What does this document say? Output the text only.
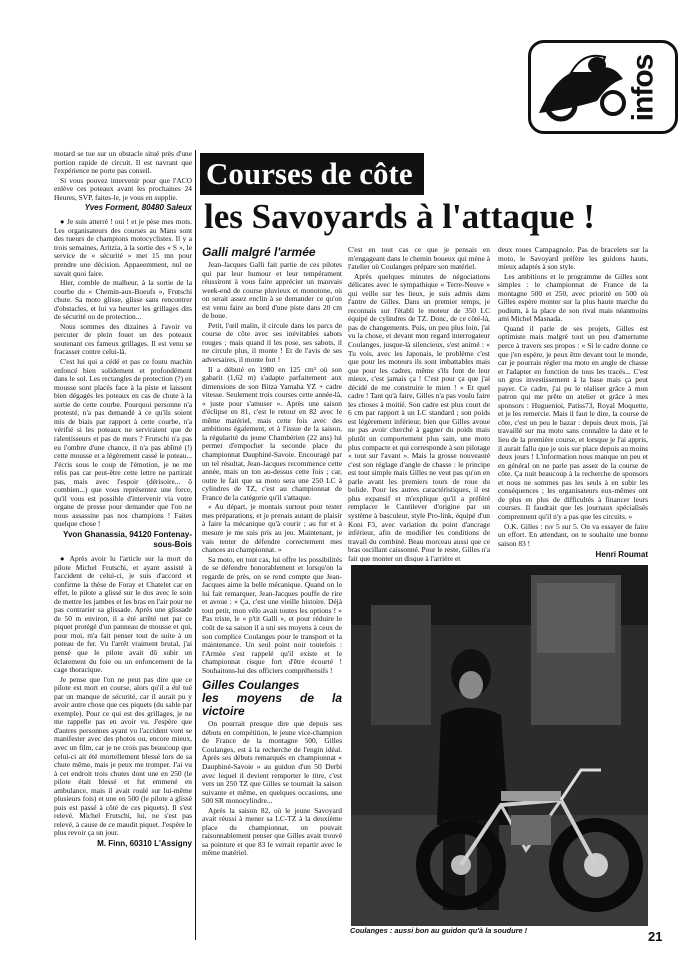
infos

motard se tue sur un obstacle situé près d'une portion rapide de circuit. Il est navrant que l'expérience ne porte pas conseil.

Si vous pouvez intervenir pour que l'ACO enlève ces poteaux avant les prochaines 24 Heures, SVP, faites-le, je vous en supplie.

Yves Forment, 80480 Saleux

● Je suis atterré ! oui ! et je pèse mes mots. Les organisateurs des courses au Mans sont des tueurs de champions motocyclistes. Il y a trois semaines, Aritzia, à la sortie des « S », le service de « sécurité » met 15 mn pour prendre une décision. Appaeemment, nul ne savait quoi faire.

Hier, comble de malheur, à la sortie de la courbe du « Chemin-aux-Boeufs », Frutschi chute. Sa moto glisse, glisse sans rencontrer d'obstacles, et lui va heurter les grillages dits de sécurité ou de protection...

Nous sommes des dizaines à l'avoir vu percuter de plein fouet un des poteaux soutenant ces fameux grillages. Il est venu se fracasser contre celui-là.

C'est lui qui a cédé et pas ce foutu machin enfoncé bien solidement et profondément dans le sol. Les rectangles de protection (?) en mousse sont placés face à la piste et laissent bien dégagés les poteaux en cas de chute à la sortie de cette courbe. Pourquoi personne n'a protesté, n'a pas demandé à ce qu'ils soient mis de biais par rapport à cette courbe, n'a vérifié si les poteaux ne serviraient que de ralentisseurs et pas de murs ? Frutschi n'a pas eu l'ombre d'une chance, il n'a pas abîmé (!) cette mousse et a légèrement cassé le poteau... J'écris sous le coup de l'émotion, je ne me relis pas car peut-être cette lettre ne partirait pas, mais avec l'espoir (dérisoire... ô combien...) que vous représentez une force, qu'il vous est possible d'intervenir via votre organe de presse pour demander que l'on ne nous assassine pas nos champions ! Faites quelque chose !

Yvon Ghanassia, 94120 Fontenay-sous-Bois

● Après avoir lu l'article sur la mort du pilote Michel Frutschi, et ayant assisté à l'accident de celui-ci, je suis d'accord et confirme la thèse de Foray et Chatelet car en effet, le pilote a glissé sur le dos avec le soin de mettre les jambes et les bras en l'air pour ne pas contrarier sa glissade. Après une glissade de 50 m environ, il a été arrêté net par ce piquet protégé d'un panneau de mousse et qui, pour moi, m'a fait penser tout de suite à un poteau de fer. Vu l'arrêt vraiment brutal, j'ai pensé que le pilote avait dû subir un éclatement du foie ou un enfoncement de la cage thoracique.

Je pense que l'on ne peut pas dire que ce pilote est mort en course, alors qu'il a été tué par un manque de sécurité, car il aurait pu y avoir autre chose que ces piquets (du sable par exemple). Pour ce qui est des grillages, je ne me rappelle pas en avoir vu. J'espère que d'autres personnes ayant vu l'accident vont se manifester avec des photos ou, encore mieux, avec un film, car je ne crois pas beaucoup que celui-ci ait été mortellement blessé lors de sa chute même, mais je peux me tromper. J'ai vu à cet endroit trois chutes dont une en 250 (le pilote était blessé et fut emmené en ambulance, mais il avait roulé sur lui-même plusieurs fois) et une en 500 (le pilote a glissé puis est passé à côté de ces piquets). Il s'est relevé. Michel Frutschi, lui, ne s'est pas relevé, à cause de ce maudit piquet. J'espère le plus revoir ça un jour.

M. Finn, 60310 L'Assigny
Courses de côte
les Savoyards à l'attaque !
Galli malgré l'armée

Jean-Jacques Galli fait partie de ces pilotes qui par leur humour et leur tempérament réussiront à vous faire apprécier un mauvais week-end de course pluvieux et monotone, où on serait assez enclin à se demander ce qu'on est venu faire au bord d'une piste dans 20 cm de boue.

Petit, l'œil malin, il circule dans les parcs de course de côte avec ses inévitables sabots rouges ; mais quand il les pose, ses sabots, il ne circule plus, il monte ! Et de l'avis de ses adversaires, il monte fort !

Il a débuté en 1980 en 125 cm³ où son gabarit (1,62 m) s'adapte parfaitement aux dimensions de son Bitza Yamaha YZ + cadre vitesse. Seulement trois courses cette année-là, « juste pour s'amuser ». Après une saison d'éclipse en 81, c'est le retour en 82 avec le même matériel, mais cette fois avec des ambitions également, et à l'issue de la saison, la régularité du jeune Chambérien (22 ans) lui permet d'empocher la seconde place du championnat Dauphiné-Savoie. Encouragé par un tel résultat, Jean-Jacques recommence cette année, mais un ton au-dessus cette fois ; car, outre le fait que sa moto sera une 250 LC à cylindres de TZ, c'est au championnat de France de la catégorie qu'il s'attaque.

« Au départ, je montais surtout pour tester mes préparations, et je prenais autant de plaisir à faire la mécanique qu'à courir ; au fur et à mesure je me suis pris au jeu. Maintenant, je vais tenter de défendre correctement mes chances au championnat. »

Sa moto, en tout cas, lui offre les possibilités de se défendre honorablement et lorsqu'on la regarde de près, on se rend compte que Jean-Jacques aime la belle mécanique. Quand on le lui fait remarquer, Jean-Jacques pouffe de rire et avoue : « Ça, c'est une vieille histoire. Déjà tout petit, mon vélo avait toutes les options ! » Pas triste, le « p'tit Galli », et pour réduire le coût de sa saison il a uni ses moyens à ceux de son complice Coulanges pour le transport et la maintenance. Un seul point noir toutefois : l'Armée s'est rappelé qu'il existe et le championnat risque fort d'être écourté ! Souhaitons-lui des officiers compréhensifs !

Gilles Coulanges
les moyens de la victoire

On pourrait presque dire que depuis ses débuts en compétition, le jeune vice-champion de France de la montagne 500, Gilles Coulanges, est à la recherche de l'engin idéal. Après ses débuts remarqués en championnat « Dauphiné-Savoie » au guidon d'un 50 Derbi avec lequel il devient remporter le titre, c'est vers un 250 TZ que Gilles se tournait la saison suivante et même, en quelques occasions, une 500 SR monocylindre...

Après la saison 82, où le jeune Savoyard avait réussi à mener sa LC-TZ à la deuxième place du championnat, on pouvait raisonnablement penser que Gilles avait trouvé sa pointure et que 83 le verrait repartir avec le même matériel.

C'est en tout cas ce que je pensais en m'engageant dans le chemin boueux qui mène à l'atelier où Coulanges prépare son matériel.

Après quelques minutes de négociations délicates avec le sympathique « Terre-Neuve » qui veille sur les lieux, je suis admis dans l'antre de Gilles. Dans un premier temps, je reconnais sur l'établi le moteur de 350 LC équipé de cylindres de TZ. Donc, de ce côté-là, pas de changements. Puis, un peu plus loin, j'ai vu la chose, et devant mon regard interrogateur Coulanges, jusque-là silencieux, s'est animé : « Tu vois, avec les Japonais, le problème c'est que pour les moteurs ils sont imbattables mais que pour les cadres, même s'ils font de leur mieux, c'est jamais ça ! C'est pour ça que j'ai décidé de me construire le mien ! » Et quel cadre ! Tant qu'à faire, Gilles n'a pas voulu faire les choses à moitié. Son cadre est plus court de 6 cm par rapport à un LC standard ; son poids est légèrement inférieur, bien que Gilles avoue ne pas avoir cherché à gagner du poids mais plutôt un comportement plus sain, une moto plus compacte et qui corresponde à son pilotage « tout sur l'avant ». Mais la grosse nouveauté c'est son réglage d'angle de chasse : le principe est tout simple mais Gilles ne veut pas qu'on en parle avant les premiers tours de roue du bolide. Pour les autres caractéristiques, il est plus expansif et m'explique qu'il a préféré remplacer le Cantilever d'origine par un système à basculeur, style Pro-link, équipé d'un Koni F3, avec variation du point d'ancrage inférieur, afin de modifier les conditions de travail du combiné. Beau morceau aussi que ce bras oscillant caissonné. Pour le reste, Gilles n'a fait que monter un disque à l'arrière et

deux roues Campagnolo. Pas de bracelets sur la moto, le Savoyard préfère les guidons hauts, mieux adaptés à son style.

Les ambitions et le programme de Gilles sont simples : le championnat de France de la montagne 500 et 250, avec priorité en 500 où Gilles espère monter sur la plus haute marche du podium, à la place de son rival mais néanmoins ami Michel Masnada.

Quand il parle de ses projets, Gilles est optimiste mais malgré tout un peu d'amertume perce à travers ses propos : « Si le cadre donne ce que j'en espère, je peux être devant tout le monde, car je pourrais régler ma moto en angle de chasse et l'adapter en fonction de tous les tracés... C'est un gros investissement à la base mais ça peut payer. Ce cadre, j'ai pu le réaliser grâce à mon patron qui me prête un atelier et grâce à mes sponsors : Huguenioi, Patiss73, Royal Moquette, et je les remercie. Mais il faut le dire, la course de côte, c'est un peu le bazar : depuis deux mois, j'ai travaillé sur ma moto sans connaître la date et le lieu de la première course, et lorsque je l'ai appris, il aurait fallu que je sois sur place depuis au moins deux jours ! L'information nous manque un peu et en général on ne parle pas assez de la course de côte. Ça nuit beaucoup à la recherche de sponsors et nous ne sommes pas les seuls à en subir les conséquences ; les organisateurs eux-mêmes ont de plus en plus de difficultés à financer leurs courses. Il faudrait que les journaux spécialisés comprennent qu'il n'y a pas que les circuits. »

O.K. Gilles : rsv 5 sur 5. On va essayer de faire un effort. En attendant, on te souhaite une bonne saison 83 !

Henri Roumat
Coulanges : aussi bon au guidon qu'à la soudure !	21
